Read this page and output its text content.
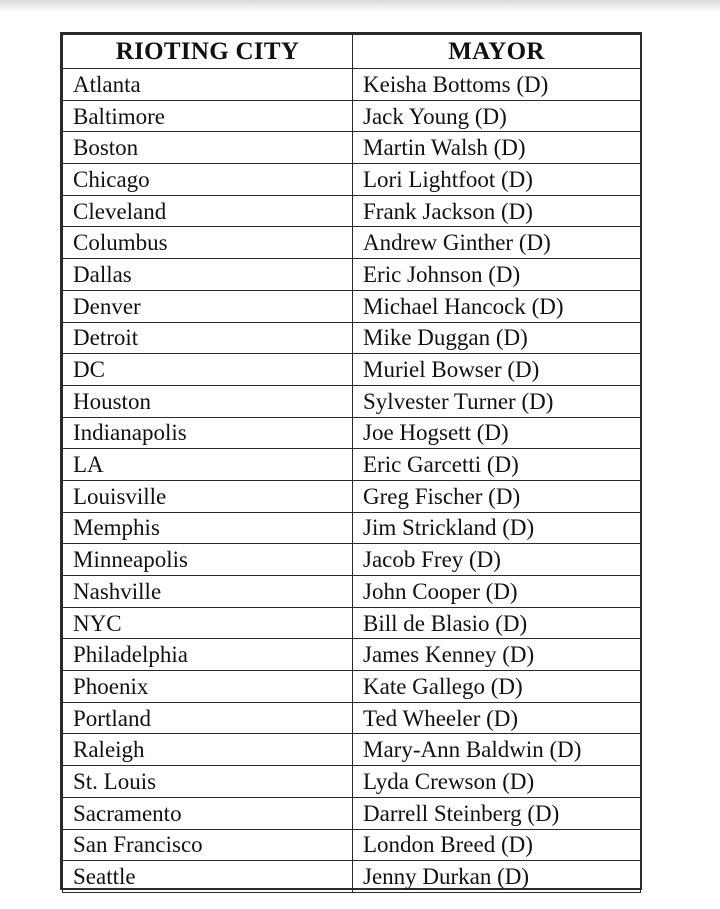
RIOTING CITY	MAYOR
Atlanta	Keisha Bottoms (D)
Baltimore	Jack Young (D)
Boston	Martin Walsh (D)
Chicago	Lori Lightfoot (D)
Cleveland	Frank Jackson (D)
Columbus	Andrew Ginther (D)
Dallas	Eric Johnson (D)
Denver	Michael Hancock (D)
Detroit	Mike Duggan (D)
DC	Muriel Bowser (D)
Houston	Sylvester Turner (D)
Indianapolis	Joe Hogsett (D)
LA	Eric Garcetti (D)
Louisville	Greg Fischer (D)
Memphis	Jim Strickland (D)
Minneapolis	Jacob Frey (D)
Nashville	John Cooper (D)
NYC	Bill de Blasio (D)
Philadelphia	James Kenney (D)
Phoenix	Kate Gallego (D)
Portland	Ted Wheeler (D)
Raleigh	Mary-Ann Baldwin (D)
St. Louis	Lyda Crewson (D)
Sacramento	Darrell Steinberg (D)
San Francisco	London Breed (D)
Seattle	Jenny Durkan (D)
